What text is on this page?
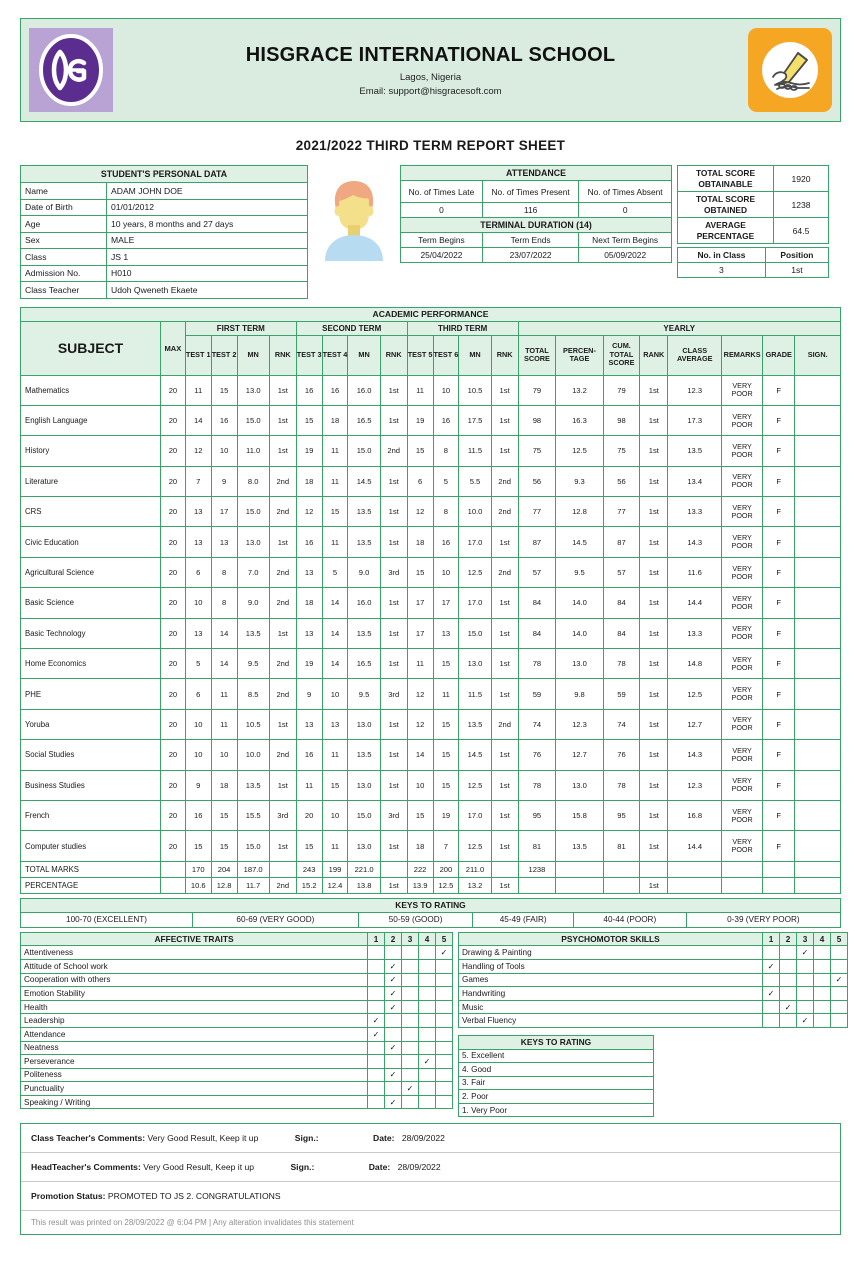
HISGRACE INTERNATIONAL SCHOOL
Lagos, Nigeria
Email: support@hisgracesoft.com
2021/2022 THIRD TERM REPORT SHEET
STUDENT'S PERSONAL DATA	
Name	ADAM JOHN DOE
Date of Birth	01/01/2012
Age	10 years, 8 months and 27 days
Sex	MALE
Class	JS 1
Admission No.	H010
Class Teacher	Udoh Qweneth Ekaete
ATTENDANCE		
No. of Times Late	No. of Times Present	No. of Times Absent
0	116	0
TERMINAL DURATION (14)		
Term Begins	Term Ends	Next Term Begins
25/04/2022	23/07/2022	05/09/2022
TOTAL SCORE OBTAINABLE	1920
TOTAL SCORE OBTAINED	1238
AVERAGE PERCENTAGE	64.5
No. in Class	Position
3	1st
ACADEMIC PERFORMANCE																					
SUBJECT	MAX	FIRST TERM				SECOND TERM				THIRD TERM				YEARLY							
		TEST 1	TEST 2	MN	RNK	TEST 3	TEST 4	MN	RNK	TEST 5	TEST 6	MN	RNK	TOTAL SCORE	PERCEN-TAGE	CUM. TOTAL SCORE	RANK	CLASS AVERAGE	REMARKS	GRADE	SIGN.
Mathematics	20	11	15	13.0	1st	16	16	16.0	1st	11	10	10.5	1st	79	13.2	79	1st	12.3	VERY
POOR	F	
English Language	20	14	16	15.0	1st	15	18	16.5	1st	19	16	17.5	1st	98	16.3	98	1st	17.3	VERY
POOR	F	
History	20	12	10	11.0	1st	19	11	15.0	2nd	15	8	11.5	1st	75	12.5	75	1st	13.5	VERY
POOR	F	
Literature	20	7	9	8.0	2nd	18	11	14.5	1st	6	5	5.5	2nd	56	9.3	56	1st	13.4	VERY
POOR	F	
CRS	20	13	17	15.0	2nd	12	15	13.5	1st	12	8	10.0	2nd	77	12.8	77	1st	13.3	VERY
POOR	F	
Civic Education	20	13	13	13.0	1st	16	11	13.5	1st	18	16	17.0	1st	87	14.5	87	1st	14.3	VERY
POOR	F	
Agricultural Science	20	6	8	7.0	2nd	13	5	9.0	3rd	15	10	12.5	2nd	57	9.5	57	1st	11.6	VERY
POOR	F	
Basic Science	20	10	8	9.0	2nd	18	14	16.0	1st	17	17	17.0	1st	84	14.0	84	1st	14.4	VERY
POOR	F	
Basic Technology	20	13	14	13.5	1st	13	14	13.5	1st	17	13	15.0	1st	84	14.0	84	1st	13.3	VERY
POOR	F	
Home Economics	20	5	14	9.5	2nd	19	14	16.5	1st	11	15	13.0	1st	78	13.0	78	1st	14.8	VERY
POOR	F	
PHE	20	6	11	8.5	2nd	9	10	9.5	3rd	12	11	11.5	1st	59	9.8	59	1st	12.5	VERY
POOR	F	
Yoruba	20	10	11	10.5	1st	13	13	13.0	1st	12	15	13.5	2nd	74	12.3	74	1st	12.7	VERY
POOR	F	
Social Studies	20	10	10	10.0	2nd	16	11	13.5	1st	14	15	14.5	1st	76	12.7	76	1st	14.3	VERY
POOR	F	
Business Studies	20	9	18	13.5	1st	11	15	13.0	1st	10	15	12.5	1st	78	13.0	78	1st	12.3	VERY
POOR	F	
French	20	16	15	15.5	3rd	20	10	15.0	3rd	15	19	17.0	1st	95	15.8	95	1st	16.8	VERY
POOR	F	
Computer studies	20	15	15	15.0	1st	15	11	13.0	1st	18	7	12.5	1st	81	13.5	81	1st	14.4	VERY
POOR	F	
TOTAL MARKS		170	204	187.0		243	199	221.0		222	200	211.0		1238							
PERCENTAGE		10.6	12.8	11.7	2nd	15.2	12.4	13.8	1st	13.9	12.5	13.2	1st				1st				
KEYS TO RATING
100-70 (EXCELLENT)	60-69 (VERY GOOD)	50-59 (GOOD)	45-49 (FAIR)	40-44 (POOR)	0-39 (VERY POOR)
AFFECTIVE TRAITS	1	2	3	4	5
Attentiveness					✓
Attitude of School work		✓			
Cooperation with others		✓			
Emotion Stability		✓			
Health		✓			
Leadership	✓				
Attendance	✓				
Neatness		✓			
Perseverance				✓	
Politeness		✓			
Punctuality			✓		
Speaking / Writing		✓			
PSYCHOMOTOR SKILLS	1	2	3	4	5
Drawing & Painting			✓		
Handling of Tools	✓				
Games					✓
Handwriting	✓				
Music		✓			
Verbal Fluency			✓		
KEYS TO RATING
5. Excellent
4. Good
3. Fair
2. Poor
1. Very Poor
Class Teacher's Comments: Very Good Result, Keep it up	Sign.:	Date: 28/09/2022
HeadTeacher's Comments: Very Good Result, Keep it up	Sign.:	Date: 28/09/2022
Promotion Status: PROMOTED TO JS 2. CONGRATULATIONS
This result was printed on 28/09/2022 @ 6:04 PM | Any alteration invalidates this statement
